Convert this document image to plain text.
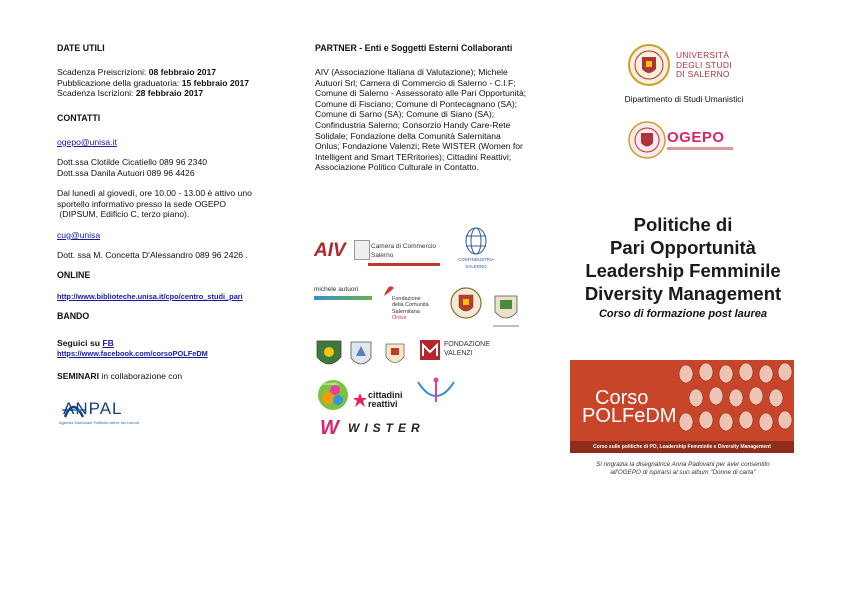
DATE UTILI
Scadenza Preiscrizioni: 08 febbraio 2017
Pubblicazione della graduatoria: 15 febbraio 2017
Scadenza Iscrizioni: 28 febbraio 2017
CONTATTI
ogepo@unisa.it
Dott.ssa Clotilde Cicatiello 089 96 2340
Dott.ssa Danila Autuori 089 96 4426
Dal lunedì al giovedì, ore 10.00 - 13.00 è attivo uno
sportello informativo presso la sede OGEPO
(DIPSUM, Edificio C, terzo piano).
cug@unisa
Dott. ssa M. Concetta D'Alessandro 089 96 2426 .
ONLINE
http://www.biblioteche.unisa.it/cpo/centro_studi_pari
BANDO
Seguici su FB
https://www.facebook.com/corsoPOLFeDM
SEMINARI in collaborazione con
ANPAL
Agenzia Nazionale Politiche Attive del Lavoro
PARTNER - Enti e Soggetti Esterni Collaboranti
AIV (Associazione Italiana di Valutazione); Michele
Autuori Srl; Camera di Commercio di Salerno - C.I.F;
Comune di Salerno - Assessorato alle Pari Opportunità;
Comune di Fisciano; Comune di Pontecagnano (SA);
Comune di Sarno (SA); Comune di Siano (SA);
Confindustria Salerno; Consorzio Handy Care-Rete
Solidale; Fondazione della Comunità Salernitana
Onlus; Fondazione Valenzi; Rete WISTER (Women for
Intelligent and Smart TERritories); Cittadini Reattivi;
Associazione Politico Culturale in Contatto.
AIV	Camera di Commercio
Salerno
CONFINDUSTRIA
SALERNO
michele autuori
Fondazione
della Comunità
Salernitana
Onlus
FONDAZIONE
VALENZI
in contatto
cittadini
reattivi
W WISTER
UNIVERSITÀ
DEGLI STUDI
DI SALERNO
Dipartimento di Studi Umanistici
OGEPO
Politiche di
Pari Opportunità
Leadership Femminile
Diversity Management
Corso di formazione post laurea
Corso
POLFeDM
Corso sulle politiche di PO, Leadership Femminile e Diversity Management
Si ringrazia la disegnatrice Anna Padovani per aver consentito
all'OGEPO di ispirarsi al suo album "Donne di carta"
